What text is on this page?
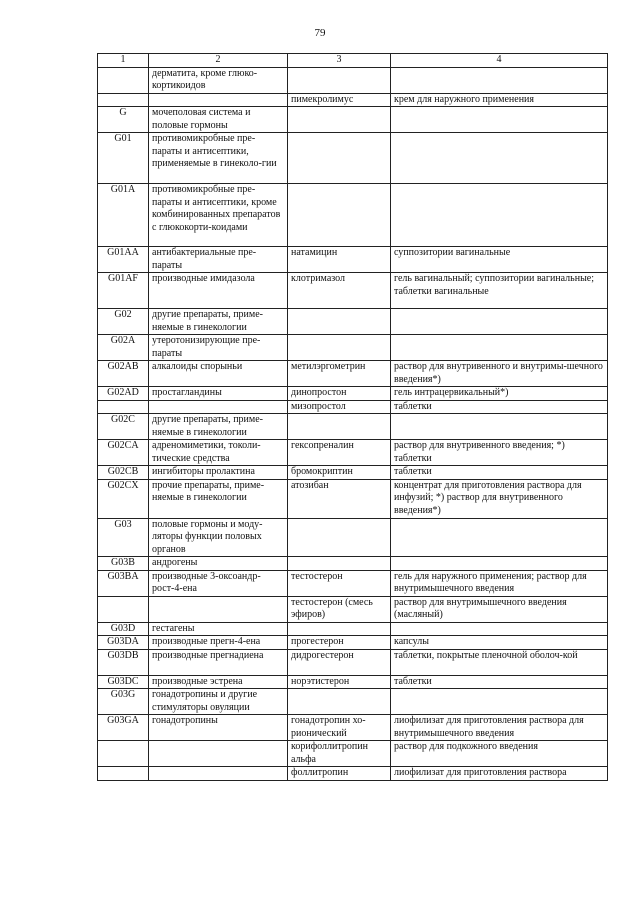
79
1	2	3	4
	дерматита, кроме глюко-кортикоидов		
		пимекролимус	крем для наружного применения
G	мочеполовая система и половые гормоны		
G01	противомикробные пре-параты и антисептики, применяемые в гинеколо-гии		
G01A	противомикробные пре-параты и антисептики, кроме комбинированных препаратов с глюкокорти-коидами		
G01AA	антибактериальные пре-параты	натамицин	суппозитории вагинальные
G01AF	производные имидазола	клотримазол	гель вагинальный; суппозитории вагинальные; таблетки вагинальные
G02	другие препараты, приме-няемые в гинекологии		
G02A	утеротонизирующие пре-параты		
G02AB	алкалоиды спорыньи	метилэргометрин	раствор для внутривенного и внутримы-шечного введения*)
G02AD	простагландины	динопростон	гель интрацервикальный*)
		мизопростол	таблетки
G02C	другие препараты, приме-няемые в гинекологии		
G02CA	адреномиметики, токоли-тические средства	гексопреналин	раствор для внутривенного введения; *) таблетки
G02CB	ингибиторы пролактина	бромокриптин	таблетки
G02CX	прочие препараты, приме-няемые в гинекологии	атозибан	концентрат для приготовления раствора для инфузий; *) раствор для внутривенного введения*)
G03	половые гормоны и моду-ляторы функции половых органов		
G03B	андрогены		
G03BA	производные 3-оксоандр-рост-4-ена	тестостерон	гель для наружного применения; раствор для внутримышечного введения
		тестостерон (смесь эфиров)	раствор для внутримышечного введения (масляный)
G03D	гестагены		
G03DA	производные прегн-4-ена	прогестерон	капсулы
G03DB	производные прегнадиена	дидрогестерон	таблетки, покрытые пленочной оболоч-кой
G03DC	производные эстрена	норэтистерон	таблетки
G03G	гонадотропины и другие стимуляторы овуляции		
G03GA	гонадотропины	гонадотропин хо-рионический	лиофилизат для приготовления раствора для внутримышечного введения
		корифоллитропин альфа	раствор для подкожного введения
		фоллитропин	лиофилизат для приготовления раствора
